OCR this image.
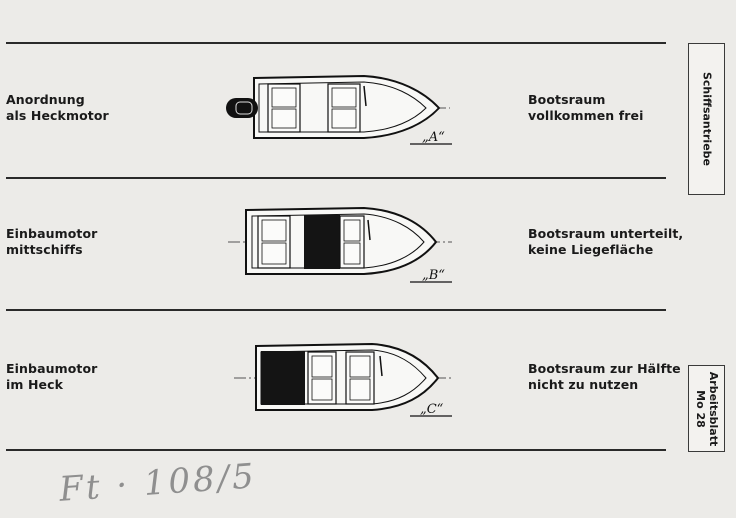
Anordnung
als Heckmotor
Bootsraum
vollkommen frei
„A“
Einbaumotor
mittschiffs
Bootsraum unterteilt,
keine Liegefläche
„B“
Einbaumotor
im Heck
Bootsraum zur Hälfte
nicht zu nutzen
„C“
Schiffsantriebe
Arbeitsblatt
Mo 28
Ft · 108/5
